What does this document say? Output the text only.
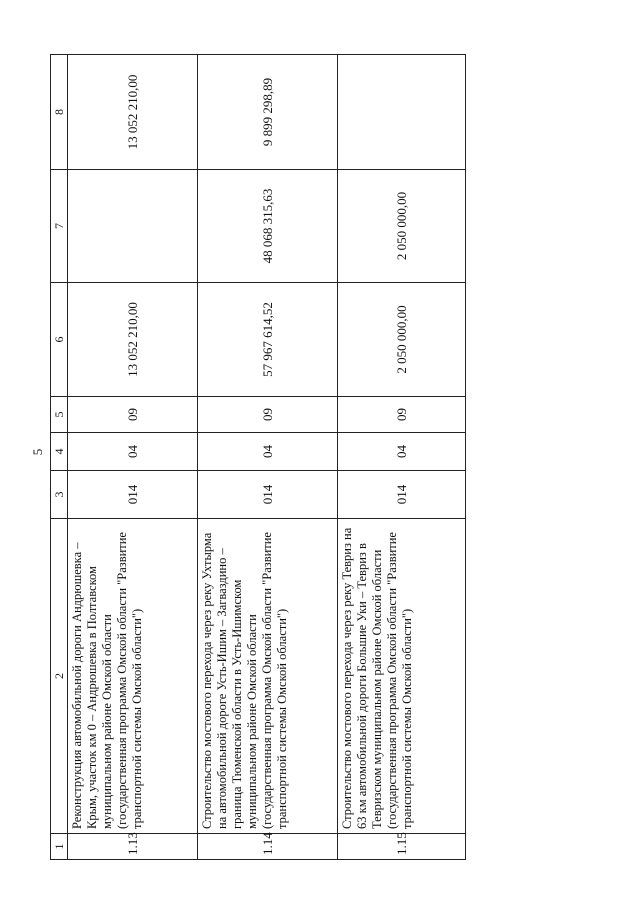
5
1	2	3	4	5	6	7	8
1.13	Реконструкция автомобильной дороги Андрюшевка – Крым, участок км 0 – Андрюшевка в Полтавском муниципальном районе Омской области (государственная программа Омской области "Развитие транспортной системы Омской области")	014	04	09	13 052 210,00		13 052 210,00
1.14	Строительство мостового перехода через реку Ухтырма на автомобильной дороге Усть-Ишим – Загваздино – граница Тюменской области в Усть-Ишимском муниципальном районе Омской области (государственная программа Омской области "Развитие транспортной системы Омской области")	014	04	09	57 967 614,52	48 068 315,63	9 899 298,89
1.15	Строительство мостового перехода через реку Тевриз на 63 км автомобильной дороги Большие Уки – Тевриз в Тевризском муниципальном районе Омской области (государственная программа Омской области "Развитие транспортной системы Омской области")	014	04	09	2 050 000,00	2 050 000,00	
